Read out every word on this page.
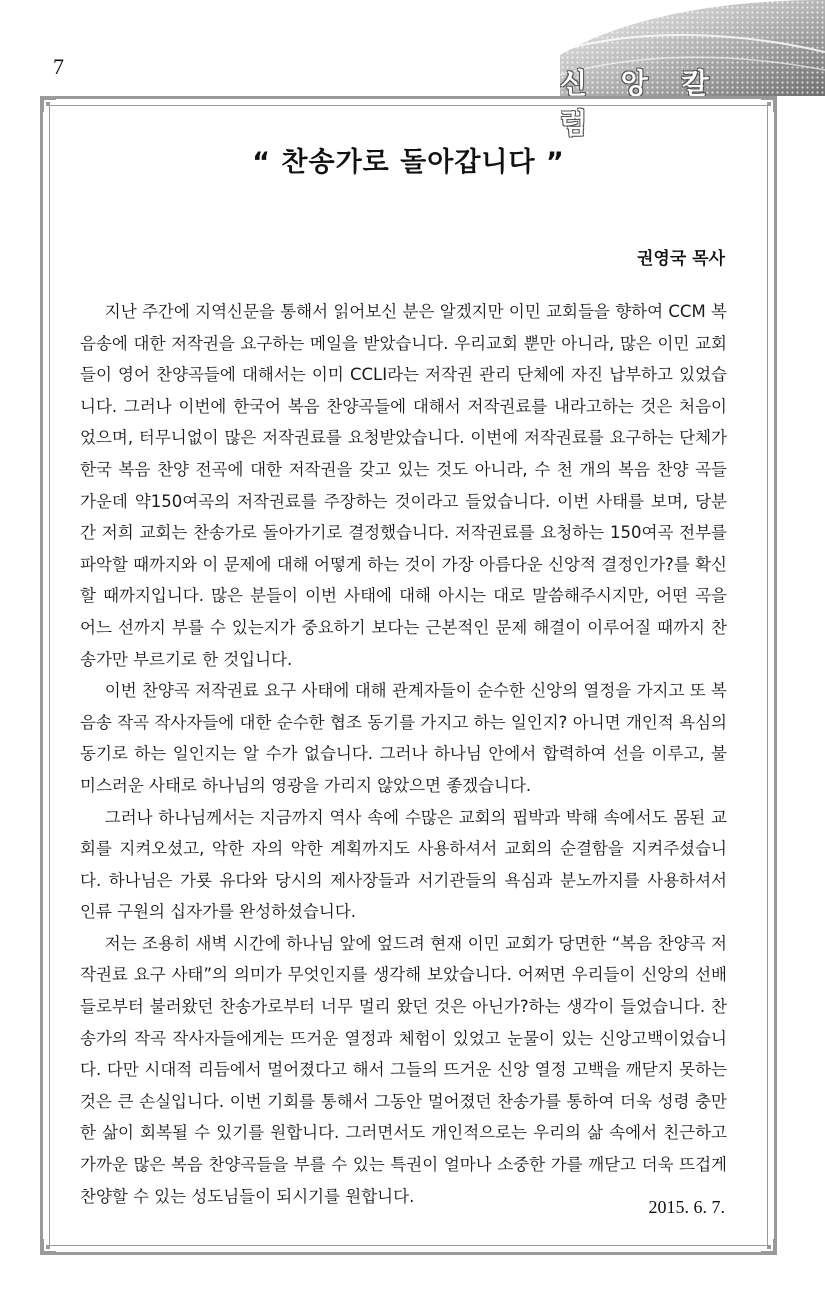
7
신 앙 칼 럼
“ 찬송가로 돌아갑니다 ”
권영국 목사

지난 주간에 지역신문을 통해서 읽어보신 분은 알겠지만 이민 교회들을 향하여 CCM 복음송에 대한 저작권을 요구하는 메일을 받았습니다. 우리교회 뿐만 아니라, 많은 이민 교회들이 영어 찬양곡들에 대해서는 이미 CCLI라는 저작권 관리 단체에 자진 납부하고 있었습니다. 그러나 이번에 한국어 복음 찬양곡들에 대해서 저작권료를 내라고하는 것은 처음이었으며, 터무니없이 많은 저작권료를 요청받았습니다. 이번에 저작권료를 요구하는 단체가 한국 복음 찬양 전곡에 대한 저작권을 갖고 있는 것도 아니라, 수 천 개의 복음 찬양 곡들 가운데 약150여곡의 저작권료를 주장하는 것이라고 들었습니다. 이번 사태를 보며, 당분간 저희 교회는 찬송가로 돌아가기로 결정했습니다. 저작권료를 요청하는 150여곡 전부를 파악할 때까지와 이 문제에 대해 어떻게 하는 것이 가장 아름다운 신앙적 결정인가?를 확신할 때까지입니다. 많은 분들이 이번 사태에 대해 아시는 대로 말씀해주시지만, 어떤 곡을 어느 선까지 부를 수 있는지가 중요하기 보다는 근본적인 문제 해결이 이루어질 때까지 찬송가만 부르기로 한 것입니다.

이번 찬양곡 저작권료 요구 사태에 대해 관계자들이 순수한 신앙의 열정을 가지고 또 복음송 작곡 작사자들에 대한 순수한 협조 동기를 가지고 하는 일인지? 아니면 개인적 욕심의 동기로 하는 일인지는 알 수가 없습니다. 그러나 하나님 안에서 합력하여 선을 이루고, 불미스러운 사태로 하나님의 영광을 가리지 않았으면 좋겠습니다.

그러나 하나님께서는 지금까지 역사 속에 수많은 교회의 핍박과 박해 속에서도 몸된 교회를 지켜오셨고, 악한 자의 악한 계획까지도 사용하셔서 교회의 순결함을 지켜주셨습니다. 하나님은 가룟 유다와 당시의 제사장들과 서기관들의 욕심과 분노까지를 사용하셔서 인류 구원의 십자가를 완성하셨습니다.

저는 조용히 새벽 시간에 하나님 앞에 엎드려 현재 이민 교회가 당면한 “복음 찬양곡 저작권료 요구 사태”의 의미가 무엇인지를 생각해 보았습니다. 어쩌면 우리들이 신앙의 선배들로부터 불러왔던 찬송가로부터 너무 멀리 왔던 것은 아닌가?하는 생각이 들었습니다. 찬송가의 작곡 작사자들에게는 뜨거운 열정과 체험이 있었고 눈물이 있는 신앙고백이었습니다. 다만 시대적 리듬에서 멀어졌다고 해서 그들의 뜨거운 신앙 열정 고백을 깨닫지 못하는 것은 큰 손실입니다. 이번 기회를 통해서 그동안 멀어졌던 찬송가를 통하여 더욱 성령 충만한 삶이 회복될 수 있기를 원합니다. 그러면서도 개인적으로는 우리의 삶 속에서 친근하고 가까운 많은 복음 찬양곡들을 부를 수 있는 특권이 얼마나 소중한 가를 깨닫고 더욱 뜨겁게 찬양할 수 있는 성도님들이 되시기를 원합니다.

2015. 6. 7.
